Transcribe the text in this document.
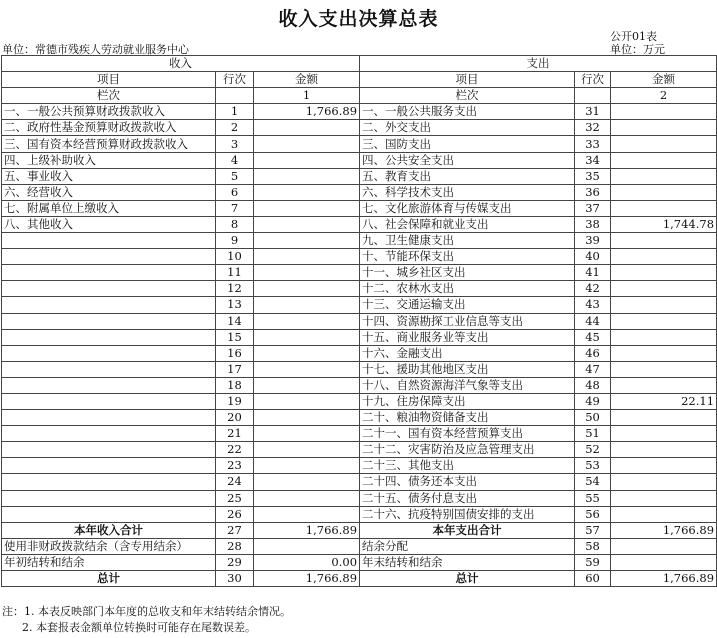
收入支出决算总表
公开01表
单位：常德市残疾人劳动就业服务中心	单位：万元
收入			支出		
项目	行次	金额	项目	行次	金额
栏次		1	栏次		2
一、一般公共预算财政拨款收入	1	1,766.89	一、一般公共服务支出	31	
二、政府性基金预算财政拨款收入	2		二、外交支出	32	
三、国有资本经营预算财政拨款收入	3		三、国防支出	33	
四、上级补助收入	4		四、公共安全支出	34	
五、事业收入	5		五、教育支出	35	
六、经营收入	6		六、科学技术支出	36	
七、附属单位上缴收入	7		七、文化旅游体育与传媒支出	37	
八、其他收入	8		八、社会保障和就业支出	38	1,744.78
	9		九、卫生健康支出	39	
	10		十、节能环保支出	40	
	11		十一、城乡社区支出	41	
	12		十二、农林水支出	42	
	13		十三、交通运输支出	43	
	14		十四、资源勘探工业信息等支出	44	
	15		十五、商业服务业等支出	45	
	16		十六、金融支出	46	
	17		十七、援助其他地区支出	47	
	18		十八、自然资源海洋气象等支出	48	
	19		十九、住房保障支出	49	22.11
	20		二十、粮油物资储备支出	50	
	21		二十一、国有资本经营预算支出	51	
	22		二十二、灾害防治及应急管理支出	52	
	23		二十三、其他支出	53	
	24		二十四、债务还本支出	54	
	25		二十五、债务付息支出	55	
	26		二十六、抗疫特别国债安排的支出	56	
本年收入合计	27	1,766.89	本年支出合计	57	1,766.89
使用非财政拨款结余（含专用结余）	28		结余分配	58	
年初结转和结余	29	0.00	年末结转和结余	59	
总计	30	1,766.89	总计	60	1,766.89
注：1. 本表反映部门本年度的总收支和年末结转结余情况。
2. 本套报表金额单位转换时可能存在尾数误差。
